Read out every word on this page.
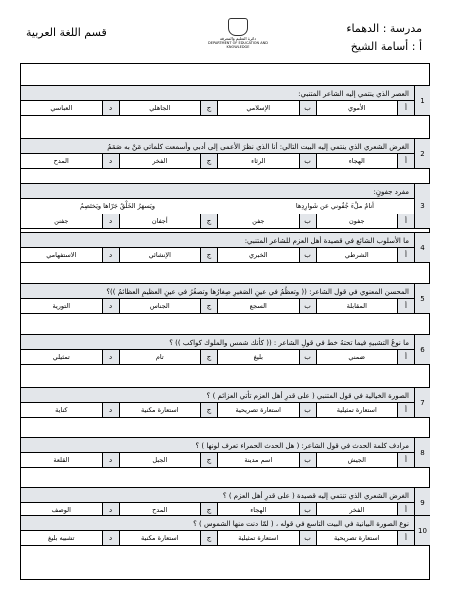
مدرسة : الدهماء
أ : أسامة الشيخ
دائرة التعليم والمعرفة
DEPARTMENT OF EDUCATION AND KNOWLEDGE
قسم اللغة العربية
1
العصر الذي ينتمي إليه الشاعر المتنبي:
أ
الأموي
ب
الإسلامي
ج
الجاهلي
د
العباسي
2
الغرض الشعري الذي ينتمي إليه البيت التالي: أنا الذي نظرَ الأعمى إلى أدبي وأسمعت كلماتي مَنْ به صَمَمُ
أ
الهجاء
ب
الرثاء
ج
الفخر
د
المدح
3
مفرد جفونٍ:
أنامُ ملْءَ جُفُوني عن شَوارِدِها
ويَسهَرُ الخَلْقُ جَرّاها ويَختَصِمُ
أ
جفون
ب
جفن
ج
أجفان
د
جفنن
4
ما الأسلوب الشائع في قصيدة أهل العزم للشاعر المتنبي:
أ
الشرطي
ب
الخبري
ج
الإنشائي
د
الاستفهامي
5
المحسن المعنوي في قول الشاعر: (( وتعظُمُ في عينِ الصَغيرِ صِغارُها وتصغُرُ في عينِ العظيمِ العظائمُ ))؟
أ
المقابلة
ب
السجع
ج
الجناس
د
التورية
6
ما نوعُ التشبيهِ فيما تحتهُ خط في قولِ الشاعر : (( كأنك شمس والملوك كواكب )) ؟
أ
ضمني
ب
بليغ
ج
تام
د
تمثيلي
7
الصورة الخيالية في قول المتنبي ( على قدرِ أهل العزم تأتي العزائم ) ؟
أ
استعارة تمثيلية
ب
استعارة تصريحية
ج
استعارة مكنية
د
كناية
8
مرادف كلمة الحدث في قول الشاعر: ( هل الحدث الحمراء تعرف لونها ) ؟
أ
الجيش
ب
اسم مدينة
ج
الجبل
د
القلعة
9
الغرض الشعري الذي تنتمي إليه قصيدة ( على قدرِ أهل العزم ) ؟
أ
الفخر
ب
الهجاء
ج
المدح
د
الوصف
10
نوع الصورة البيانية في البيت التاسع في قوله ، ( لمّا دنت منها الشموس ) ؟
أ
استعارة تصريحية
ب
استعارة تمثيلية
ج
استعارة مكنية
د
تشبيه بليغ
